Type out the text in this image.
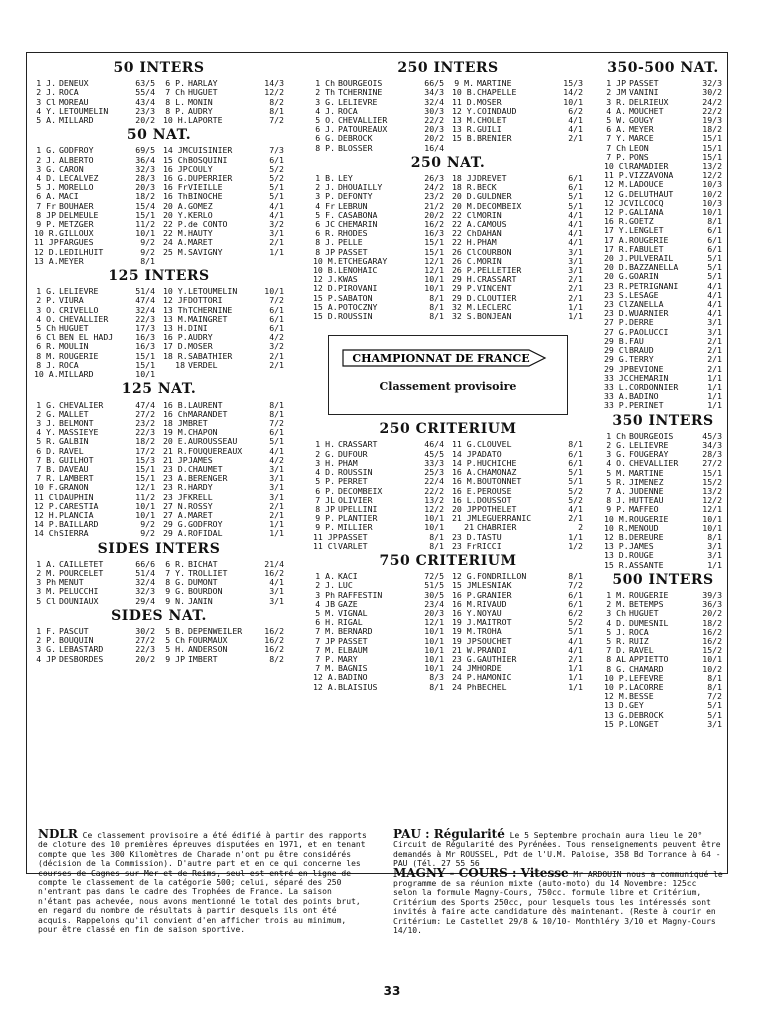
50 INTERS
1 J. DENEUX	63/5
2 J. ROCA	55/4
3 Cl MOREAU	43/4
4 Y. LETOUMELIN	23/3
5 A. MILLARD	20/2
6 P. HARLAY	14/3
7 Ch HUGUET	12/2
8 L. MONIN	8/2
8 P. AUDRY	8/1
10 H. LAPORTE	7/2
50 NAT.
1 G. GODFROY	69/5
2 J. ALBERTO	36/4
3 G. CARON	32/3
4 D. LECALVEZ	28/3
5 J. MORELLO	20/3
6 A. MACI	18/2
7 Fr BOUHAER	15/4
8 JP DELMEULE	15/1
9 P. METZGER	11/2
10 R. GILLOUX	10/1
11 JP FARGUES	9/2
12 D. LEDILHUIT	9/2
13 A. MEYER	8/1
14 JM CUISINIER	7/3
15 Ch BOSQUINI	6/1
16 JP COULY	5/2
16 G. DUPERRIER	5/2
16 Fr VIEILLE	5/1
16 Th BINOCHE	5/1
20 A. GOMEZ	4/1
20 Y. KERLO	4/1
22 P. de CONTO	3/2
22 M. HAUTY	3/1
24 A. MARET	2/1
25 M. SAVIGNY	1/1
125 INTERS
1 G. LELIEVRE	51/4
2 P. VIURA	47/4
3 O. CRIVELLO	32/4
4 O. CHEVALLIER	22/3
5 Ch HUGUET	17/3
6 Cl BEN EL HADJ	16/3
6 R. MOULIN	16/3
8 M. ROUGERIE	15/1
8 J. ROCA	15/1
10 A. MILLARD	10/1
10 Y. LETOUMELIN	10/1
12 JF DOTTORI	7/2
13 Th TCHERNINE	6/1
13 M. MAINGRET	6/1
13 H. DINI	6/1
16 P. AUDRY	4/2
17 D. MOSER	3/2
18 R. SABATHIER	2/1
18 VERDEL	2/1
125 NAT.
1 G. CHEVALIER	47/4
2 G. MALLET	27/2
3 J. BELMONT	23/2
4 Y. MASSIEYE	22/3
5 R. GALBIN	18/2
6 D. RAVEL	17/2
7 B. GUILHOT	15/3
7 B. DAVEAU	15/1
7 R. LAMBERT	15/1
10 F. GRANON	12/1
11 Cl DAUPHIN	11/2
12 P. CARESTIA	10/1
12 H. PLANCIA	10/1
14 P. BAILLARD	9/2
14 Ch SIERRA	9/2
16 B. LAURENT	8/1
16 Ch MARANDET	8/1
18 JM BRET	7/2
19 M. CHAPON	6/1
20 E. AUROUSSEAU	5/1
21 R. FOUQUEREAUX	4/1
21 JP JAMES	4/2
23 D. CHAUMET	3/1
23 A. BERENGER	3/1
23 R. HARDY	3/1
23 JF KRELL	3/1
27 N. ROSSY	2/1
27 A. MARET	2/1
29 G. GODFROY	1/1
29 A. ROFIDAL	1/1
SIDES INTERS
1 A. CAILLETET	66/6
2 M. POURCELET	51/4
3 Ph MENUT	32/4
3 M. PELUCCHI	32/3
5 Cl DOUNIAUX	29/4
6 R. BICHAT	21/4
7 Y. TROLLIET	16/2
8 G. DUMONT	4/1
9 G. BOURDON	3/1
9 N. JANIN	3/1
SIDES NAT.
1 F. PASCUT	30/2
2 P. BOUQUIN	27/2
3 G. LEBASTARD	22/3
4 JP DESBORDES	20/2
5 B. DEPENWEILER	16/2
5 Ch FOURMAUX	16/2
5 H. ANDERSON	16/2
9 JP IMBERT	8/2
250 INTERS
1 Ch BOURGEOIS	66/5
2 Th TCHERNINE	34/3
3 G. LELIEVRE	32/4
4 J. ROCA	30/3
5 O. CHEVALLIER	22/2
6 J. PATOUREAUX	20/3
6 G. DEBROCK	20/2
8 P. BLOSSER	16/4
9 M. MARTINE	15/3
10 B. CHAPELLE	14/2
11 D. MOSER	10/1
12 Y. COINDAUD	6/2
13 M. CHOLET	4/1
13 R. GUILI	4/1
15 B. BRENIER	2/1
250 NAT.
1 B. LEY	26/3
2 J. DHOUAILLY	24/2
3 P. DEFONTY	23/2
4 Fr LEBRUN	21/2
5 F. CASABONA	20/2
6 JC CHEMARIN	16/2
6 R. RHODES	16/3
8 J. PELLE	15/1
8 JP PASSET	15/1
10 M. ETCHEGARAY	12/1
10 B. LENOHAIC	12/1
12 J. KWAS	10/1
12 D. PIROVANI	10/1
15 P. SABATON	8/1
15 A. POTOCZNY	8/1
15 D. ROUSSIN	8/1
18 JJ DREVET	6/1
18 R. BECK	6/1
20 D. GULDNER	5/1
20 M. DECOMBEIX	5/1
22 Cl MORIN	4/1
22 A. CAMOUS	4/1
22 Ch DAHAN	4/1
22 H. PHAM	4/1
26 Cl COURBON	3/1
26 C. MORIN	3/1
26 P. PELLETIER	3/1
29 H. CRASSART	2/1
29 P. VINCENT	2/1
29 D. CLOUTIER	2/1
32 M. LECLERC	1/1
32 S. BONJEAN	1/1
CHAMPIONNAT DE FRANCE
Classement provisoire
250 CRITERIUM
1 H. CRASSART	46/4
2 G. DUFOUR	45/5
3 H. PHAM	33/3
4 D. ROUSSIN	25/3
5 P. PERRET	22/4
6 P. DECOMBEIX	22/2
7 JL OLIVIER	13/2
8 JP UPELLINI	12/2
9 P. PLANTIER	10/1
9 P. MILLIER	10/1
11 JP PASSET	8/1
11 Cl VARLET	8/1
11 G. CLOUVEL	8/1
14 JP ADATO	6/1
14 P. HUCHICHE	6/1
16 A. CHAMONAZ	5/1
16 M. BOUTONNET	5/1
16 E. PEROUSE	5/2
16 L. DOUSSOT	5/2
20 JP POTHELET	4/1
21 JM LEGUERRANIC	2/1
21 CHABRIER	2
23 D. TASTU	1/1
23 Fr RICCI	1/2
750 CRITERIUM
1 A. KACI	72/5
2 J. LUC	51/5
3 Ph RAFFESTIN	30/5
4 JB GAZE	23/4
5 M. VIGNAL	20/3
6 H. RIGAL	12/1
7 M. BERNARD	10/1
7 JP PASSET	10/1
7 M. ELBAUM	10/1
7 P. MARY	10/1
7 M. BAGNIS	10/1
12 A. BADINO	8/3
12 A. BLAISIUS	8/1
12 G. FONDRILLON	8/1
15 JM LESNIAK	7/2
16 P. GRANIER	6/1
16 M. RIVAUD	6/1
16 Y. NOYAU	6/2
19 J. MAITROT	5/2
19 M. TROHA	5/1
19 JP SOUCHET	4/1
21 W. PRANDI	4/1
23 G. GAUTHIER	2/1
24 JM HORDE	1/1
24 P. HAMONIC	1/1
24 Ph BECHEL	1/1
350-500 NAT.
1 JP PASSET	32/3
2 JM VANINI	30/2
3 R. DELRIEUX	24/2
4 A. MOUCHET	22/2
5 W. GOUGY	19/3
6 A. MEYER	18/2
7 Y. MARCE	15/1
7 Ch LEON	15/1
7 P. PONS	15/1
10 Cl RAMADIER	13/2
11 P. VIZZAVONA	12/2
12 M. LADOUCE	10/3
12 G. DELUTHAUT	10/2
12 JC VILCOCQ	10/3
12 P. GALIANA	10/1
16 R. GOETZ	8/1
17 Y. LENGLET	6/1
17 A. ROUGERIE	6/1
17 R. FABULET	6/1
20 J. PULVERAIL	5/1
20 D. BAZZANELLA	5/1
20 G. GOARIN	5/1
23 R. PETRIGNANI	4/1
23 S. LESAGE	4/1
23 Cl ZANELLA	4/1
23 D. WUARNIER	4/1
27 P. DERRE	3/1
27 G. PAOLUCCI	3/1
29 B. FAU	2/1
29 Cl BRAUD	2/1
29 G. TERRY	2/1
29 JP BEVIONE	2/1
33 JC CHEMARIN	1/1
33 L. CORDONNIER	1/1
33 A. BADINO	1/1
33 P. PERINET	1/1
350 INTERS
1 Ch BOURGEOIS	45/3
2 G. LELIEVRE	34/3
3 G. FOUGERAY	28/3
4 O. CHEVALLIER	27/2
5 M. MARTINE	15/1
5 R. JIMENEZ	15/2
7 A. JUDENNE	13/2
8 J. HUTTEAU	12/2
9 P. MAFFEO	12/1
10 M. ROUGERIE	10/1
10 R. MENOUD	10/1
12 B. DEREURE	8/1
13 P. JAMES	3/1
13 D. ROUGE	3/1
15 R. ASSANTE	1/1
500 INTERS
1 M. ROUGERIE	39/3
2 M. BETEMPS	36/3
3 Ch HUGUET	20/2
4 D. DUMESNIL	18/2
5 J. ROCA	16/2
5 R. RUIZ	16/2
7 D. RAVEL	15/2
8 AL APPIETTO	10/1
8 G. CHAMARD	10/2
10 P. LEFEVRE	8/1
10 P. LACORRE	8/1
12 M. BESSE	7/2
13 D. GEY	5/1
13 G. DEBROCK	5/1
15 P. LONGET	3/1
NDLR Ce classement provisoire a été édifié à partir des rapports de cloture des 10 premières épreuves disputées en 1971, et en tenant compte que les 300 Kilomètres de Charade n'ont pu être considérés (décision de la Commission). D'autre part et en ce qui concerne les courses de Cagnes sur Mer et de Reims, seul est entré en ligne de compte le classement de la catégorie 500; celui, séparé des 250 n'entrant pas dans le cadre des Trophées de France. La saison n'étant pas achevée, nous avons mentionné le total des points brut, en regard du nombre de résultats à partir desquels ils ont été acquis. Rappelons qu'il convient d'en afficher trois au minimum, pour être classé en fin de saison sportive.
PAU : Régularité Le 5 Septembre prochain aura lieu le 20° Circuit de Régularité des Pyrénées. Tous renseignements peuvent être demandés à Mr ROUSSEL, Pdt de l'U.M. Paloise, 358 Bd Torrance à 64 - PAU (Tél. 27 55 56
MAGNY - COURS : Vitesse Mr ARDOUIN nous a communiqué le programme de sa réunion mixte (auto-moto) du 14 Novembre: 125cc selon la formule Magny-Cours, 750cc. formule libre et Critérium, Critérium des Sports 250cc, pour lesquels tous les intéressés sont invités à faire acte candidature dès maintenant. (Reste à courir en Critérium: Le Castellet 29/8 & 10/10- Monthléry 3/10 et Magny-Cours 14/10.
33
